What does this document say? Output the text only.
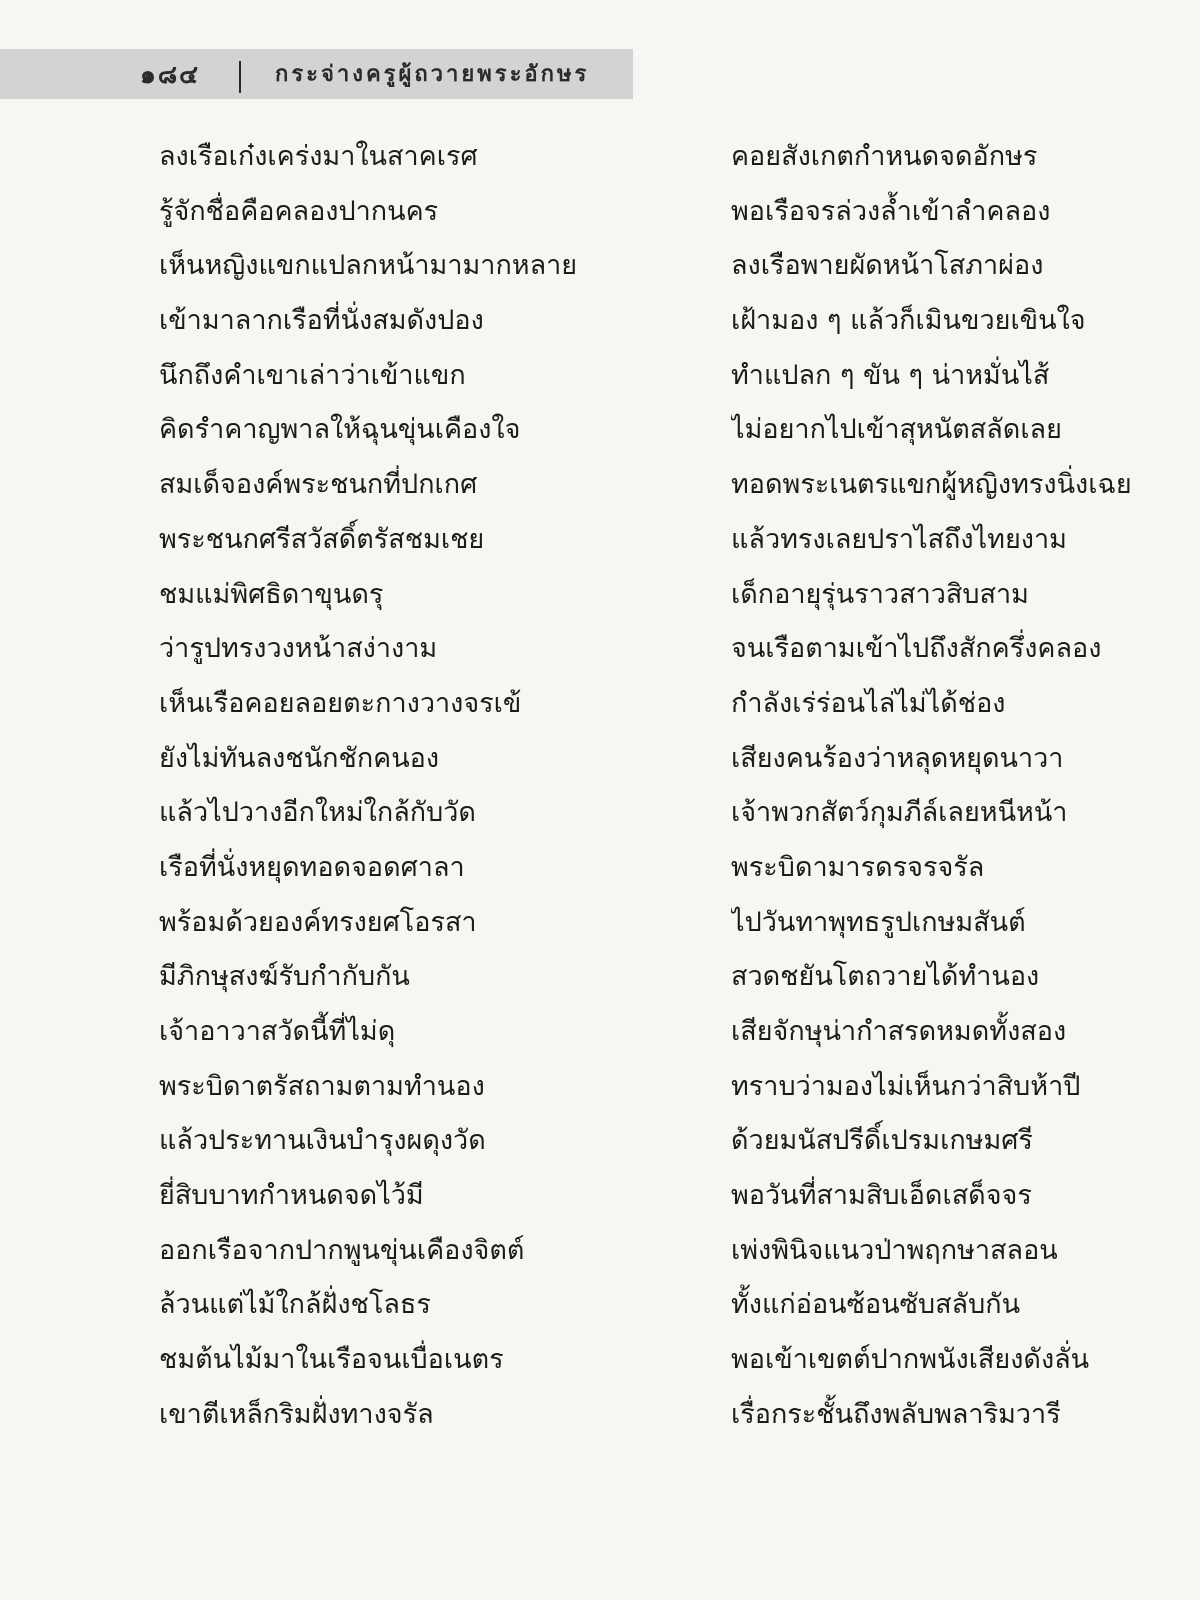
๑๘๔	กระจ่างครูผู้ถวายพระอักษร
ลงเรือเก๋งเคร่งมาในสาคเรศ
รู้จักชื่อคือคลองปากนคร
เห็นหญิงแขกแปลกหน้ามามากหลาย
เข้ามาลากเรือที่นั่งสมดังปอง
นึกถึงคำเขาเล่าว่าเข้าแขก
คิดรำคาญพาลให้ฉุนขุ่นเคืองใจ
สมเด็จองค์พระชนกที่ปกเกศ
พระชนกศรีสวัสดิ์ตรัสชมเชย
ชมแม่พิศธิดาขุนดรุ
ว่ารูปทรงวงหน้าสง่างาม
เห็นเรือคอยลอยตะกางวางจรเข้
ยังไม่ทันลงชนักชักคนอง
แล้วไปวางอีกใหม่ใกล้กับวัด
เรือที่นั่งหยุดทอดจอดศาลา
พร้อมด้วยองค์ทรงยศโอรสา
มีภิกษุสงฆ์รับกำกับกัน
เจ้าอาวาสวัดนี้ที่ไม่ดุ
พระบิดาตรัสถามตามทำนอง
แล้วประทานเงินบำรุงผดุงวัด
ยี่สิบบาทกำหนดจดไว้มี
ออกเรือจากปากพูนขุ่นเคืองจิตต์
ล้วนแต่ไม้ใกล้ฝั่งชโลธร
ชมต้นไม้มาในเรือจนเบื่อเนตร
เขาตีเหล็กริมฝั่งทางจรัล
คอยสังเกตกำหนดจดอักษร
พอเรือจรล่วงล้ำเข้าลำคลอง
ลงเรือพายผัดหน้าโสภาผ่อง
เฝ้ามอง ๆ แล้วก็เมินขวยเขินใจ
ทำแปลก ๆ ขัน ๆ น่าหมั่นไส้
ไม่อยากไปเข้าสุหนัตสลัดเลย
ทอดพระเนตรแขกผู้หญิงทรงนิ่งเฉย
แล้วทรงเลยปราไสถึงไทยงาม
เด็กอายุรุ่นราวสาวสิบสาม
จนเรือตามเข้าไปถึงสักครึ่งคลอง
กำลังเร่ร่อนไล่ไม่ได้ช่อง
เสียงคนร้องว่าหลุดหยุดนาวา
เจ้าพวกสัตว์กุมภีล์เลยหนีหน้า
พระบิดามารดรจรจรัล
ไปวันทาพุทธรูปเกษมสันต์
สวดชยันโตถวายได้ทำนอง
เสียจักษุน่ากำสรดหมดทั้งสอง
ทราบว่ามองไม่เห็นกว่าสิบห้าปี
ด้วยมนัสปรีดิ์เปรมเกษมศรี
พอวันที่สามสิบเอ็ดเสด็จจร
เพ่งพินิจแนวป่าพฤกษาสลอน
ทั้งแก่อ่อนซ้อนซับสลับกัน
พอเข้าเขตต์ปากพนังเสียงดังลั่น
เรื่อกระชั้นถึงพลับพลาริมวารี
